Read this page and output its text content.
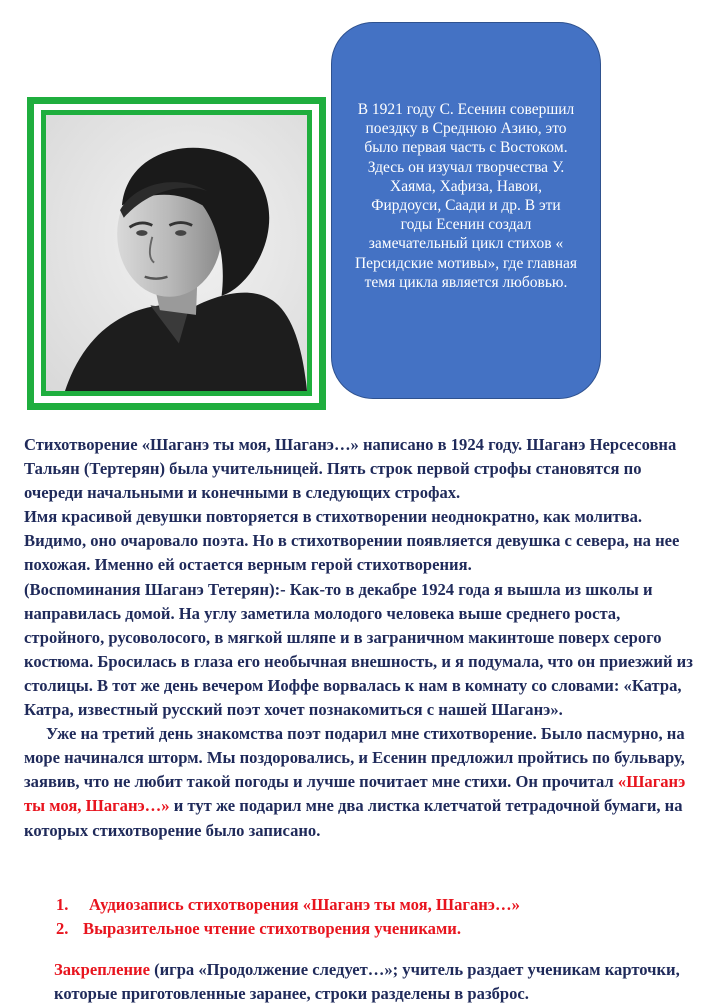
В 1921 году С. Есенин совершил поездку в Среднюю Азию, это было первая часть с Востоком. Здесь он изучал творчества У. Хаяма, Хафиза, Навои, Фирдоуси, Саади и др. В эти годы Есенин создал замечательный цикл стихов « Персидские мотивы», где главная темя цикла является любовью.

Стихотворение «Шаганэ ты моя, Шаганэ…» написано в 1924 году. Шаганэ Нерсесовна Тальян (Тертерян) была учительницей. Пять строк первой строфы становятся по очереди начальными и конечными в следующих строфах.

Имя красивой девушки повторяется в стихотворении неоднократно, как молитва. Видимо, оно очаровало поэта. Но в стихотворении появляется девушка с севера, на нее похожая. Именно ей остается верным герой стихотворения.

(Воспоминания Шаганэ Тетерян):- Как-то в декабре 1924 года я вышла из школы и направилась домой. На углу заметила молодого человека выше среднего роста, стройного, русоволосого, в мягкой шляпе и в заграничном макинтоше поверх серого костюма. Бросилась в глаза его необычная внешность, и я подумала, что он приезжий из столицы. В тот же день вечером Иоффе ворвалась к нам в комнату со словами: «Катра, Катра, известный русский поэт хочет познакомиться с нашей Шаганэ».

Уже на третий день знакомства поэт подарил мне стихотворение. Было пасмурно, на море начинался шторм. Мы поздоровались, и Есенин предложил пройтись по бульвару, заявив, что не любит такой погоды и лучше почитает мне стихи. Он прочитал «Шаганэ ты моя, Шаганэ…» и тут же подарил мне два листка клетчатой тетрадочной бумаги, на которых стихотворение было записано.

1.	Аудиозапись стихотворения «Шаганэ ты моя, Шаганэ…»
2. Выразительное чтение стихотворения учениками.

Закрепление (игра «Продолжение следует…»; учитель раздает ученикам карточки, которые приготовленные заранее, строки разделены в разброс.
